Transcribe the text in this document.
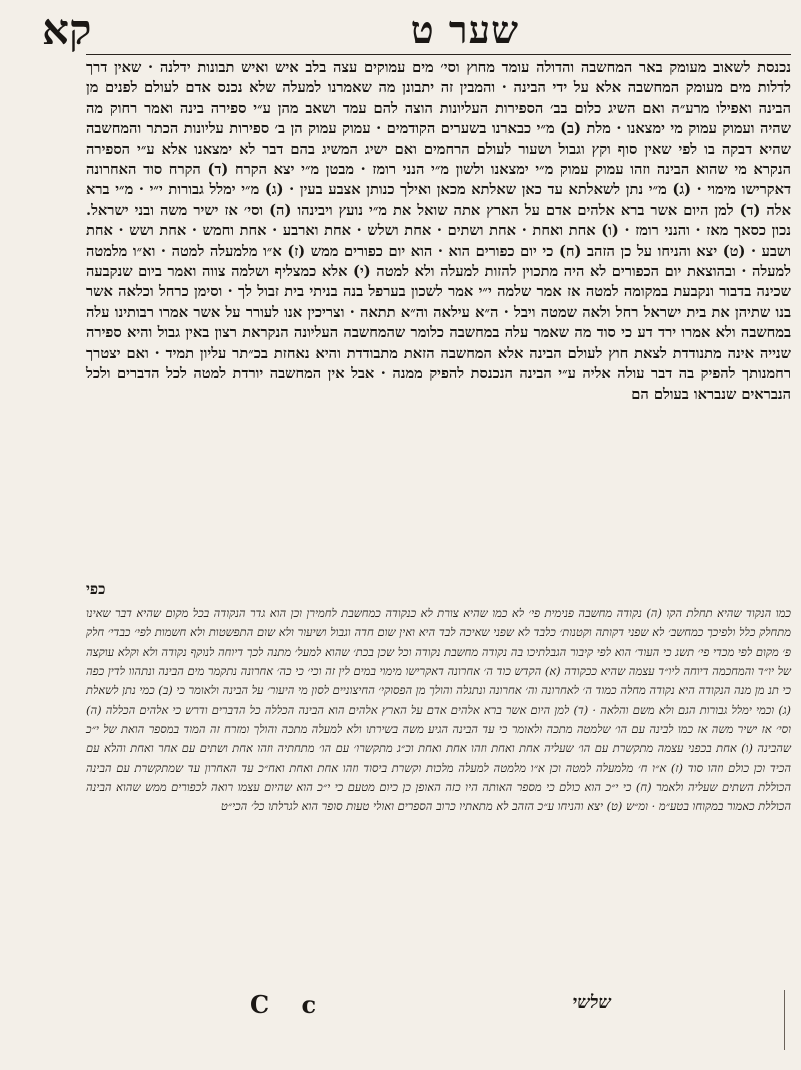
שער ט
קא

נכנסת לשאוב מעומק באר המחשבה והדולה עומד מחוץ וסי׳ מים עמוקים עצה בלב איש ואיש תבונות ידלנה · שאין דרך לדלות מים מעומק המחשבה אלא על ידי הבינה · והמבין זה יתבונן מה שאמרנו למעלה שלא נכנס אדם לעולם לפנים מן הבינה ואפילו מרע״ה ואם השיג כלום בב׳ הספירות העליונות הוצה להם עמד ושאב מהן ע״י ספירה בינה ואמר רחוק מה שהיה ועמוק עמוק מי ימצאנו · מלת (ב) מ״י כבארנו בשערים הקודמים · עמוק עמוק הן ב׳ ספירות עליונות הכתר והמחשבה שהיא דבקה בו לפי שאין סוף וקץ וגבול ושעור לעולם הרחמים ואם ישיג המשיג בהם דבר לא ימצאנו אלא ע״י הספירה הנקרא מי שהוא הבינה וזהו עמוק עמוק מ״י ימצאנו ולשון מ״י הנני רומז · מבטן מ״י יצא הקרח (ד) הקרח סוד האחרונה דאקרישו מימוי · (ג) מ״י נתן לשאלתא עד כאן שאלתא מכאן ואילך כנותן אצבע בעין · (ג) מ״י ימלל גבורות י״י · מ״י ברא אלה (ד) למן היום אשר ברא אלהים אדם על הארץ אתה שואל את מ״י נועץ ויבינהו (ה) וסי׳ אז ישיר משה ובני ישראל. נכון כסאך מאז · והנני רומז · (ו) אחת ואחת · אחת ושתים · אחת ושלש · אחת וארבע · אחת וחמש · אחת ושש · אחת ושבע · (ט) יצא והניחו על כן הזהב (ח) כי יום כפורים הוא · הוא יום כפורים ממש (ז) א״ו מלמעלה למטה · וא״ו מלמטה למעלה · ובהוצאת יום הכפורים לא היה מתכוין להזות למעלה ולא למטה (י) אלא כמצליף ושלמה צווה ואמר ביום שנקבעה שכינה בדבור ונקבעת במקומה למטה אז אמר שלמה י״י אמר לשכון בערפל בנה בניתי בית זבול לך · וסימן כרחל וכלאה אשר בנו שתיהן את בית ישראל רחל ולאה שמטה ויבל · ה״א עילאה וה״א תתאה · וצריכין אנו לעורר על אשר אמרו רבותינו עלה במחשבה ולא אמרו ירד דע כי סוד מה שאמר עלה במחשבה כלומר שהמחשבה העליונה הנקראת רצון באין גבול והיא ספירה שנייה אינה מתנודדת לצאת חוץ לעולם הבינה אלא המחשבה הזאת מתבודדת והיא נאחזת בכ״תר עליון תמיד · ואם יצטרך רחמנותך להפיק בה דבר עולה אליה ע״י הבינה הנכנסת להפיק ממנה · אבל אין המחשבה יורדת למטה לכל הדברים ולכל הנבראים שנבראו בעולם הם

כפי

כמו הנקוד שהיא תחלת הקו (ה) נקודה מחשבה פנימית פי׳ לא כמו שהיא צורת לא כנקודה כמחשבת לחמירן וכן הוא גדר הנקודה בכל מקום שהיא דבר שאינו מתחלק כלל ולפיכך כמחשב׳ לא שפני דקותה וקטנות׳ כלבד לא שפני שאיכה לבד היא ואין שום חדה וגבול ושיעור ולא שום התפשטות ולא חשמות לפי׳ כבדי׳ חלק פ׳ מקום לפי מכדי פי׳ תשג כי העוד׳ הוא לפי קיבור הגבלתיכו בה נקודה מחשבת נקודה וכל שכן בכת׳ שהוא למעל׳ מתנה לכך דיוחה לנוקף נקודה ולא וקלא עוקצה של יו״ד והמחכמה דיוחה ליו״ד עצמה שהיא ככקודה (א) הקדש כוד ה׳ אחרונה דאקרישו מימוי במים לין זה וכי׳ כי כה׳ אחרונה נתקמר מים הבינה ונתהוו לדין כפה כי תנ מן מנה הנקודה היא נקודה מחלה כמוד ה׳ לאחרונה וה׳ אחרונה ונתגלה והולך מן הפסוקי׳ החיצוניים לסון מי היעור׳ על הבינה ולאומר כי (ב) כמי נתן לשאלת (ג) וכמי ימלל גבורות הגם ולא משם והלאה · (ד) למן היום אשר ברא אלהים אדם על הארץ אלהים הוא הבינה הכללה כל הדברים ודרש כי אלהים הכללה (ה) וסי׳ אז ישיר משה אז כמו לבינה עם הו׳ שלמטה מתכה ולאומר כי עד הבינה הגיע משה בשירתו ולא למעלה מתכה והולך ומזרח זה המוד במספר הואת של י״כ שהבינה (ו) אחת בכפני עצמה מתקשרת עם הו׳ שעליה אחת ואחת וזהו אחת ואחת וכ״ג מתקשרו׳ עם הו׳ מתחתיה וזהו אחת ושתים עם אחר ואחת והלא עם הכיד וכן כולם וזהו סוד (ז) א״ו ח׳ מלמעלה למטה וכן א״ו מלמטה למעלה מלכות וקשרת ביסוד וזהו אחת ואחת ואח״כ עד האחרון עד שמתקשרת עם הבינה הכוללת השתים שעליה ולאמר (ח) כי י״כ הוא כולם כי מספר האותה היו כזה האופן כן כיום מטעם כי י״כ הוא שהיום עצמו רואה לכפורים ממש שהוא הבינה הכוללת כאמור במקוחו בטע״מ · ומ״ש (ט) יצא והניחו ע״כ הזהב לא מתאתיו כרוב הספרים ואולי טעות סופר הוא לגרלתו כל׳ הכי״ט

שלשי
C c
